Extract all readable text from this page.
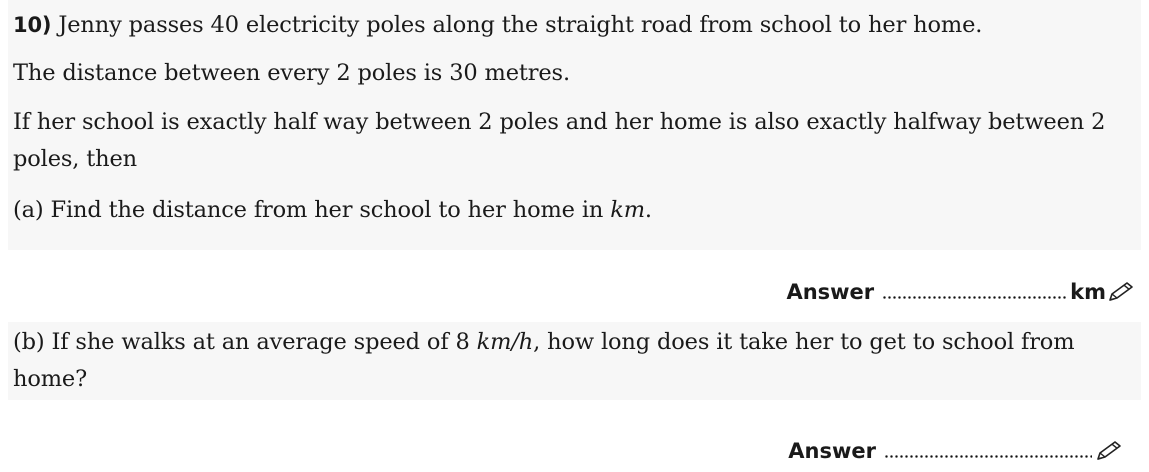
10) Jenny passes 40 electricity poles along the straight road from school to her home.
The distance between every 2 poles is 30 metres.
If her school is exactly half way between 2 poles and her home is also exactly halfway between 2
poles, then
(a) Find the distance from her school to her home in km.
Answer	km
(b) If she walks at an average speed of 8 km/h, how long does it take her to get to school from
home?
Answer
